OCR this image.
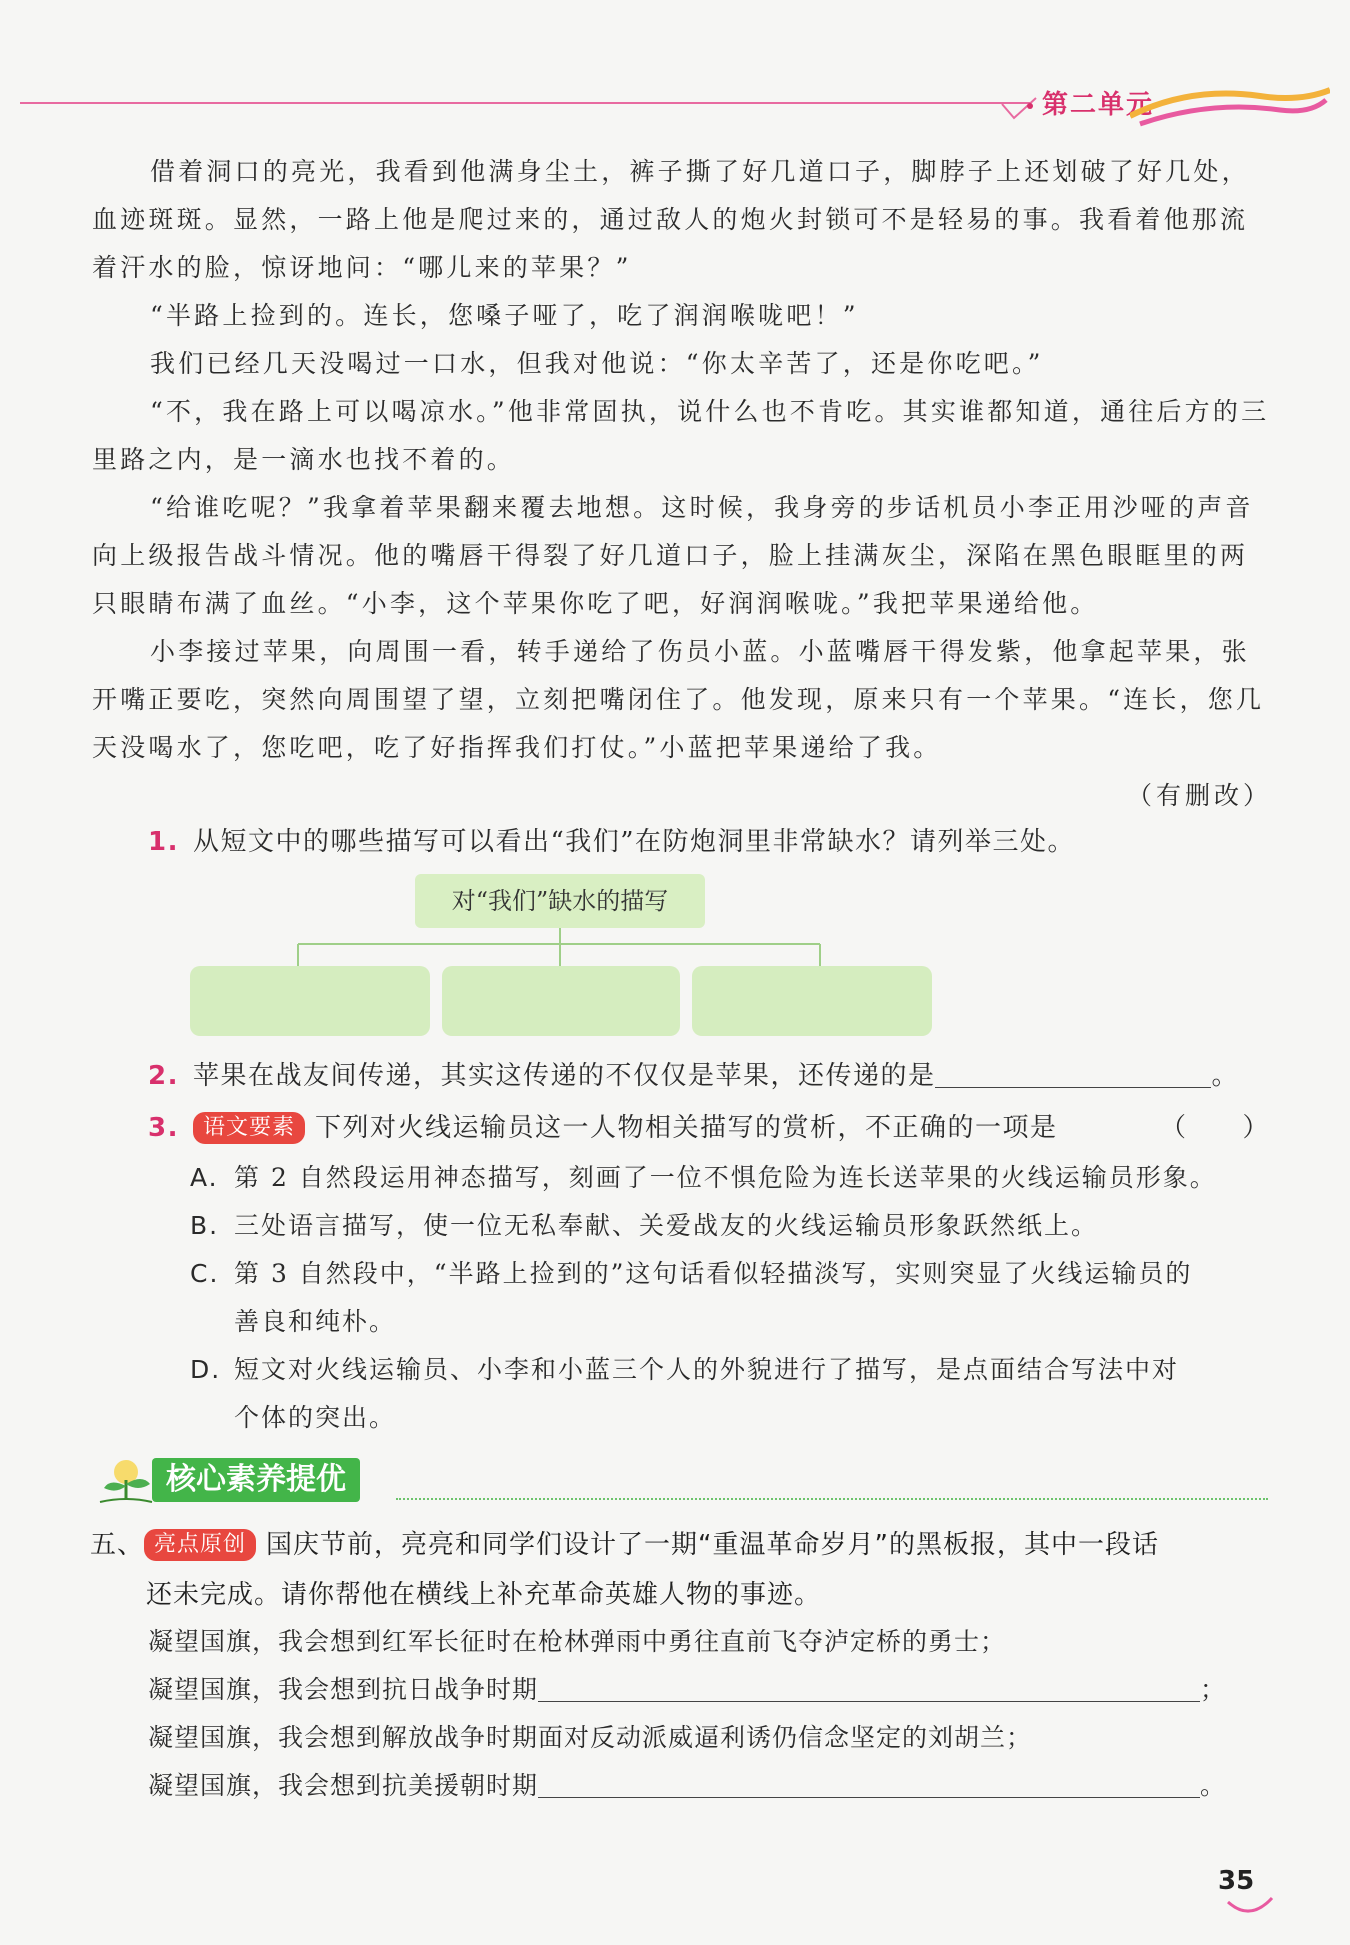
第二单元

借着洞口的亮光，我看到他满身尘土，裤子撕了好几道口子，脚脖子上还划破了好几处，血迹斑斑。显然，一路上他是爬过来的，通过敌人的炮火封锁可不是轻易的事。我看着他那流着汗水的脸，惊讶地问：“哪儿来的苹果？”

“半路上捡到的。连长，您嗓子哑了，吃了润润喉咙吧！”

我们已经几天没喝过一口水，但我对他说：“你太辛苦了，还是你吃吧。”

“不，我在路上可以喝凉水。”他非常固执，说什么也不肯吃。其实谁都知道，通往后方的三里路之内，是一滴水也找不着的。

“给谁吃呢？”我拿着苹果翻来覆去地想。这时候，我身旁的步话机员小李正用沙哑的声音向上级报告战斗情况。他的嘴唇干得裂了好几道口子，脸上挂满灰尘，深陷在黑色眼眶里的两只眼睛布满了血丝。“小李，这个苹果你吃了吧，好润润喉咙。”我把苹果递给他。

小李接过苹果，向周围一看，转手递给了伤员小蓝。小蓝嘴唇干得发紫，他拿起苹果，张开嘴正要吃，突然向周围望了望，立刻把嘴闭住了。他发现，原来只有一个苹果。“连长，您几天没喝水了，您吃吧，吃了好指挥我们打仗。”小蓝把苹果递给了我。

（有删改）

1. 从短文中的哪些描写可以看出“我们”在防炮洞里非常缺水？请列举三处。
对“我们”缺水的描写
2. 苹果在战友间传递，其实这传递的不仅仅是苹果，还传递的是	。
3. 语文要素 下列对火线运输员这一人物相关描写的赏析，不正确的一项是	（　　）
A. 第 2 自然段运用神态描写，刻画了一位不惧危险为连长送苹果的火线运输员形象。
B. 三处语言描写，使一位无私奉献、关爱战友的火线运输员形象跃然纸上。
C. 第 3 自然段中，“半路上捡到的”这句话看似轻描淡写，实则突显了火线运输员的
善良和纯朴。
D. 短文对火线运输员、小李和小蓝三个人的外貌进行了描写，是点面结合写法中对
个体的突出。
核心素养提优
五、 亮点原创 国庆节前，亮亮和同学们设计了一期“重温革命岁月”的黑板报，其中一段话
还未完成。请你帮他在横线上补充革命英雄人物的事迹。
凝望国旗，我会想到红军长征时在枪林弹雨中勇往直前飞夺泸定桥的勇士；
凝望国旗，我会想到抗日战争时期	；
凝望国旗，我会想到解放战争时期面对反动派威逼利诱仍信念坚定的刘胡兰；
凝望国旗，我会想到抗美援朝时期	。
35
